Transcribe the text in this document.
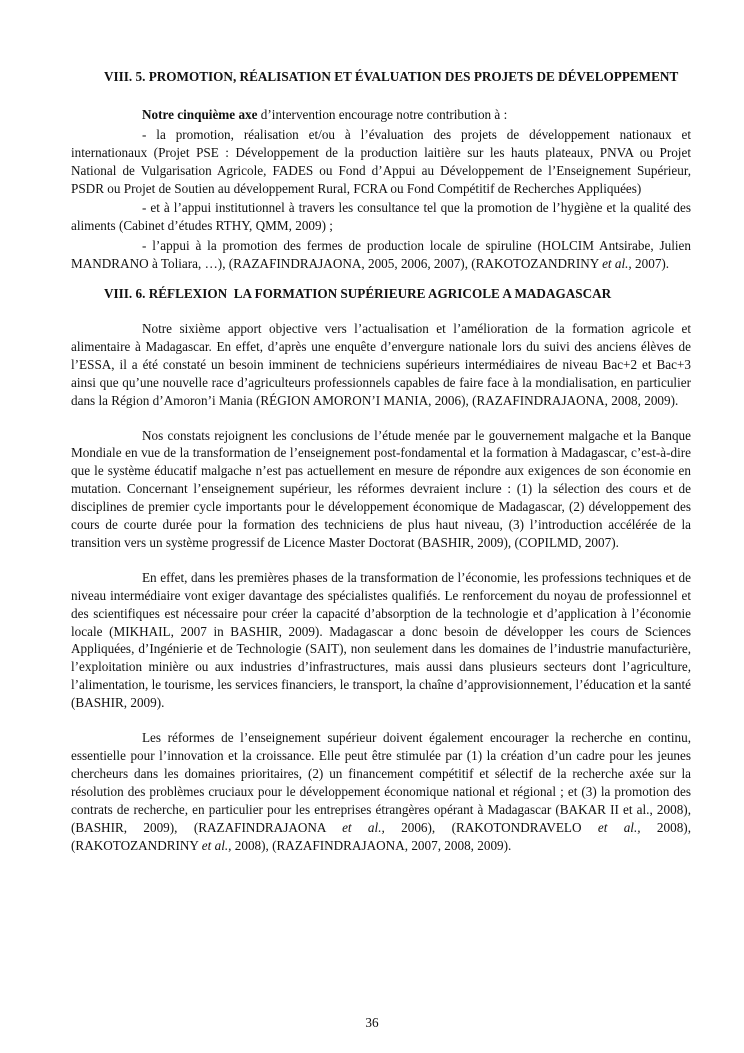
VIII. 5. PROMOTION, RÉALISATION ET ÉVALUATION DES PROJETS DE DÉVELOPPEMENT

Notre cinquième axe d’intervention encourage notre contribution à :

- la promotion, réalisation et/ou à l’évaluation des projets de développement nationaux et internationaux (Projet PSE : Développement de la production laitière sur les hauts plateaux, PNVA ou Projet National de Vulgarisation Agricole, FADES ou Fond d’Appui au Développement de l’Enseignement Supérieur, PSDR ou Projet de Soutien au développement Rural, FCRA ou Fond Compétitif de Recherches Appliquées)

- et à l’appui institutionnel à travers les consultance tel que la promotion de l’hygiène et la qualité des aliments (Cabinet d’études RTHY, QMM, 2009) ;

- l’appui à la promotion des fermes de production locale de spiruline (HOLCIM Antsirabe, Julien MANDRANO à Toliara, …), (RAZAFINDRAJAONA, 2005, 2006, 2007), (RAKOTOZANDRINY et al., 2007).

VIII. 6. RÉFLEXION  LA FORMATION SUPÉRIEURE AGRICOLE A MADAGASCAR

Notre sixième apport objective vers l’actualisation et l’amélioration de la formation agricole et alimentaire à Madagascar. En effet, d’après une enquête d’envergure nationale lors du suivi des anciens élèves de l’ESSA, il a été constaté un besoin imminent de techniciens supérieurs intermédiaires de niveau Bac+2 et Bac+3 ainsi que qu’une nouvelle race d’agriculteurs professionnels capables de faire face à la mondialisation, en particulier dans la Région d’Amoron’i Mania (RÉGION AMORON’I MANIA, 2006), (RAZAFINDRAJAONA, 2008, 2009).

Nos constats rejoignent les conclusions de l’étude menée par le gouvernement malgache et la Banque Mondiale en vue de la transformation de l’enseignement post-fondamental et la formation à Madagascar, c’est-à-dire que le système éducatif malgache n’est pas actuellement en mesure de répondre aux exigences de son économie en mutation. Concernant l’enseignement supérieur, les réformes devraient inclure : (1) la sélection des cours et de disciplines de premier cycle importants pour le développement économique de Madagascar, (2) développement des cours de courte durée pour la formation des techniciens de plus haut niveau, (3) l’introduction accélérée de la transition vers un système progressif de Licence Master Doctorat (BASHIR, 2009), (COPILMD, 2007).

En effet, dans les premières phases de la transformation de l’économie, les professions techniques et de niveau intermédiaire vont exiger davantage des spécialistes qualifiés. Le renforcement du noyau de professionnel et des scientifiques est nécessaire pour créer la capacité d’absorption de la technologie et d’application à l’économie locale (MIKHAIL, 2007 in BASHIR, 2009). Madagascar a donc besoin de développer les cours de Sciences Appliquées, d’Ingénierie et de Technologie (SAIT), non seulement dans les domaines de l’industrie manufacturière, l’exploitation minière ou aux industries d’infrastructures, mais aussi dans plusieurs secteurs dont l’agriculture, l’alimentation, le tourisme, les services financiers, le transport, la chaîne d’approvisionnement, l’éducation et la santé (BASHIR, 2009).

Les réformes de l’enseignement supérieur doivent également encourager la recherche en continu, essentielle pour l’innovation et la croissance. Elle peut être stimulée par (1) la création d’un cadre pour les jeunes chercheurs dans les domaines prioritaires, (2) un financement compétitif et sélectif de la recherche axée sur la résolution des problèmes cruciaux pour le développement économique national et régional ; et (3) la promotion des contrats de recherche, en particulier pour les entreprises étrangères opérant à Madagascar (BAKAR II et al., 2008), (BASHIR, 2009), (RAZAFINDRAJAONA et al., 2006), (RAKOTONDRAVELO et al., 2008), (RAKOTOZANDRINY et al., 2008), (RAZAFINDRAJAONA, 2007, 2008, 2009).

36
